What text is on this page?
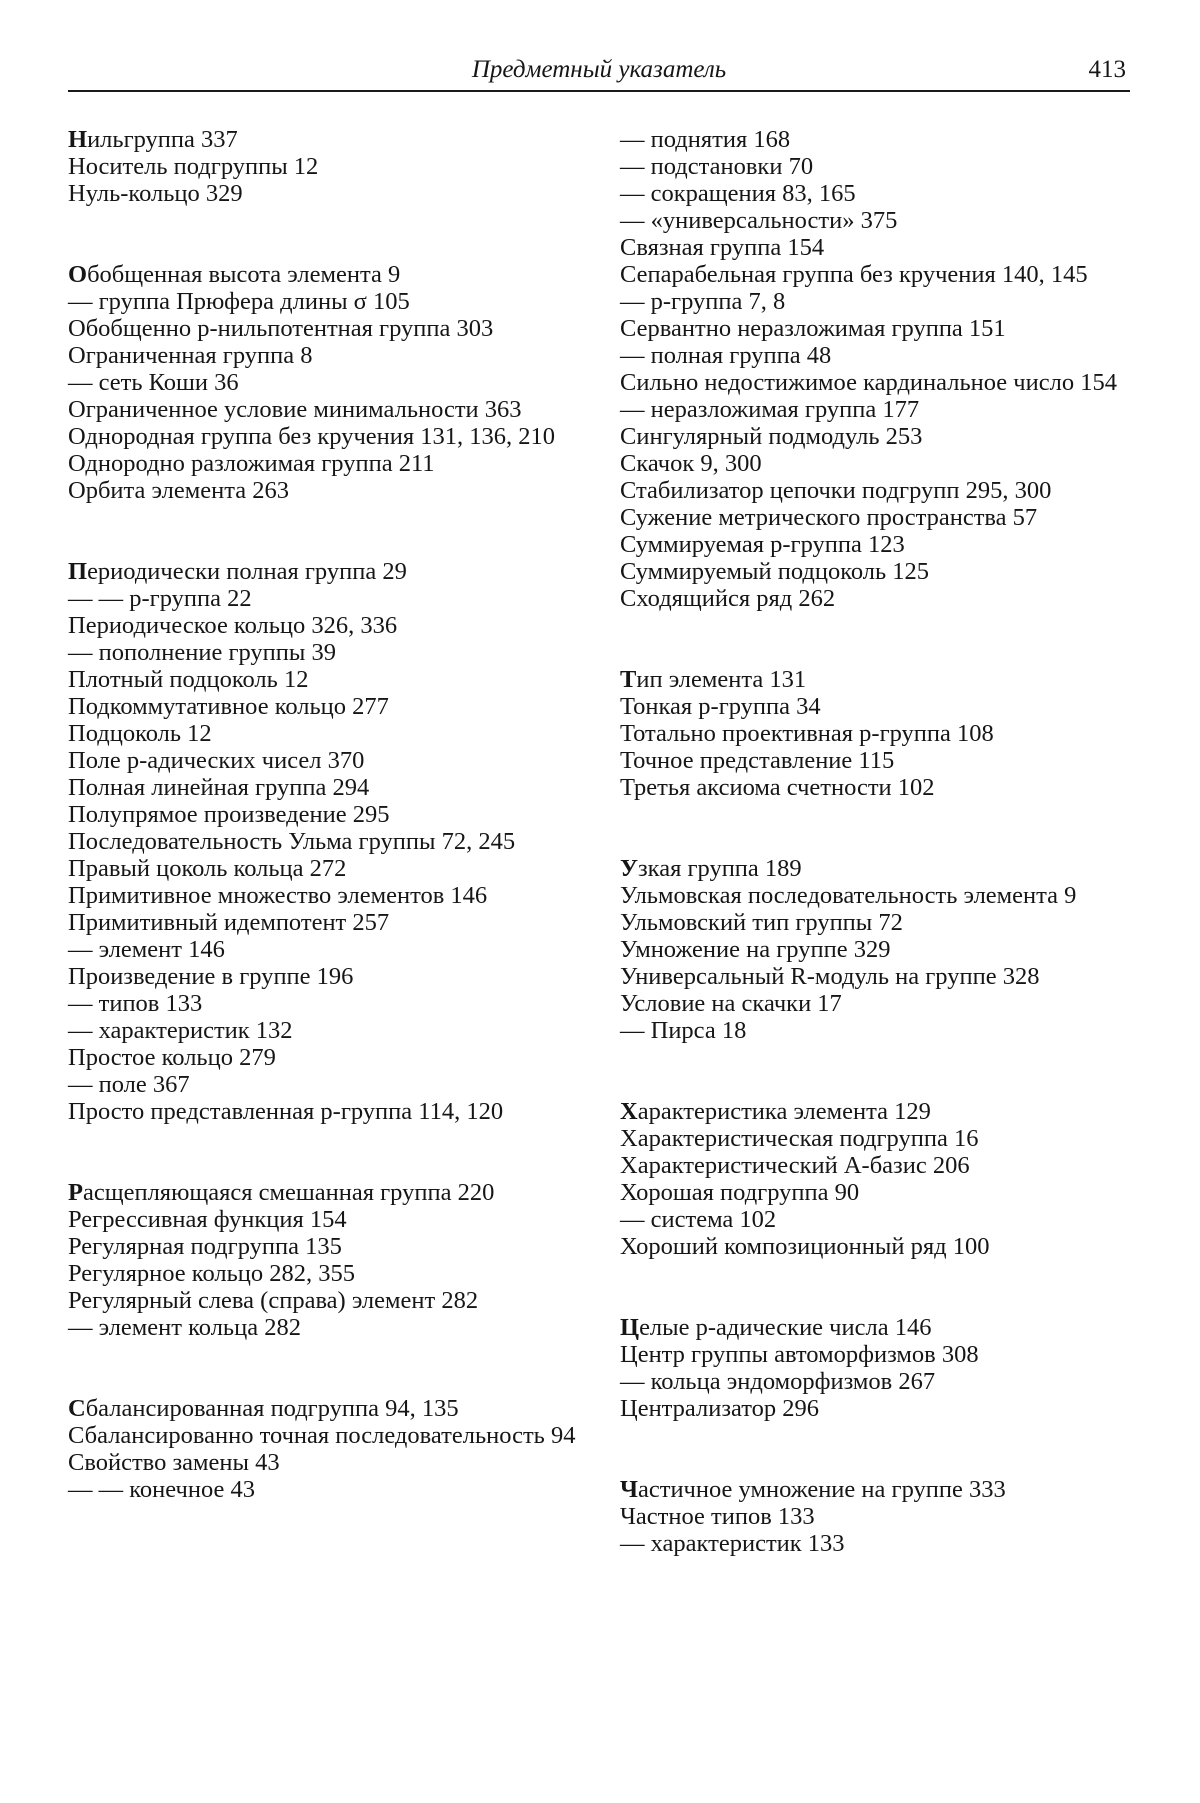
Предметный указатель	413
Нильгруппа 337
Носитель подгруппы 12
Нуль-кольцо 329
Обобщенная высота элемента 9
— группа Прюфера длины σ 105
Обобщенно p-нильпотентная группа 303
Ограниченная группа 8
— сеть Коши 36
Ограниченное условие минимальности 363
Однородная группа без кручения 131, 136, 210
Однородно разложимая группа 211
Орбита элемента 263
Периодически полная группа 29
— — p-группа 22
Периодическое кольцо 326, 336
— пополнение группы 39
Плотный подцоколь 12
Подкоммутативное кольцо 277
Подцоколь 12
Поле p-адических чисел 370
Полная линейная группа 294
Полупрямое произведение 295
Последовательность Ульма группы 72, 245
Правый цоколь кольца 272
Примитивное множество элементов 146
Примитивный идемпотент 257
— элемент 146
Произведение в группе 196
— типов 133
— характеристик 132
Простое кольцо 279
— поле 367
Просто представленная p-группа 114, 120
Расщепляющаяся смешанная группа 220
Регрессивная функция 154
Регулярная подгруппа 135
Регулярное кольцо 282, 355
Регулярный слева (справа) элемент 282
— элемент кольца 282
Сбалансированная подгруппа 94, 135
Сбалансированно точная последовательность 94
Свойство замены 43
— — конечное 43
— поднятия 168
— подстановки 70
— сокращения 83, 165
— «универсальности» 375
Связная группа 154
Сепарабельная группа без кручения 140, 145
— p-группа 7, 8
Сервантно неразложимая группа 151
— полная группа 48
Сильно недостижимое кардинальное число 154
— неразложимая группа 177
Сингулярный подмодуль 253
Скачок 9, 300
Стабилизатор цепочки подгрупп 295, 300
Сужение метрического пространства 57
Суммируемая p-группа 123
Суммируемый подцоколь 125
Сходящийся ряд 262
Тип элемента 131
Тонкая p-группа 34
Тотально проективная p-группа 108
Точное представление 115
Третья аксиома счетности 102
Узкая группа 189
Ульмовская последовательность элемента 9
Ульмовский тип группы 72
Умножение на группе 329
Универсальный R-модуль на группе 328
Условие на скачки 17
— Пирса 18
Характеристика элемента 129
Характеристическая подгруппа 16
Характеристический A-базис 206
Хорошая подгруппа 90
— система 102
Хороший композиционный ряд 100
Целые p-адические числа 146
Центр группы автоморфизмов 308
— кольца эндоморфизмов 267
Централизатор 296
Частичное умножение на группе 333
Частное типов 133
— характеристик 133
